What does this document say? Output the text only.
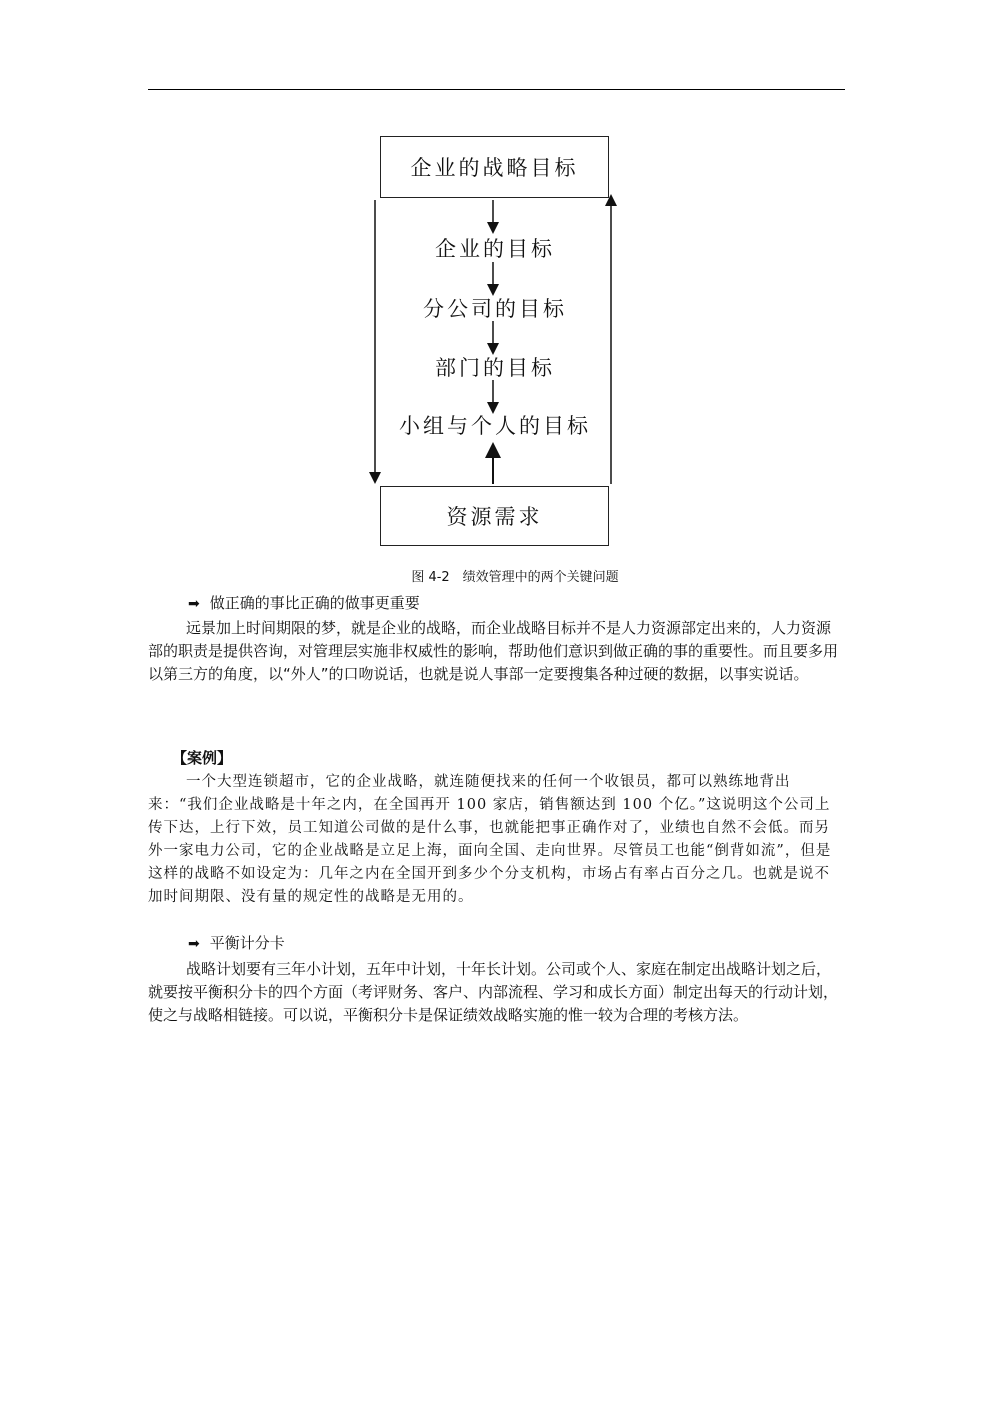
企业的战略目标
企业的目标
分公司的目标
部门的目标
小组与个人的目标
资源需求
图 4-2　绩效管理中的两个关键问题
➡ 做正确的事比正确的做事更重要

远景加上时间期限的梦，就是企业的战略，而企业战略目标并不是人力资源部定出来的，人力资源部的职责是提供咨询，对管理层实施非权威性的影响，帮助他们意识到做正确的事的重要性。而且要多用以第三方的角度，以“外人”的口吻说话，也就是说人事部一定要搜集各种过硬的数据，以事实说话。

【案例】

一个大型连锁超市，它的企业战略，就连随便找来的任何一个收银员，都可以熟练地背出来：“我们企业战略是十年之内，在全国再开 100 家店，销售额达到 100 个亿。”这说明这个公司上传下达，上行下效，员工知道公司做的是什么事，也就能把事正确作对了，业绩也自然不会低。而另外一家电力公司，它的企业战略是立足上海，面向全国、走向世界。尽管员工也能“倒背如流”，但是这样的战略不如设定为：几年之内在全国开到多少个分支机构，市场占有率占百分之几。也就是说不加时间期限、没有量的规定性的战略是无用的。

➡ 平衡计分卡

战略计划要有三年小计划，五年中计划，十年长计划。公司或个人、家庭在制定出战略计划之后，就要按平衡积分卡的四个方面（考评财务、客户、内部流程、学习和成长方面）制定出每天的行动计划，使之与战略相链接。可以说，平衡积分卡是保证绩效战略实施的惟一较为合理的考核方法。
